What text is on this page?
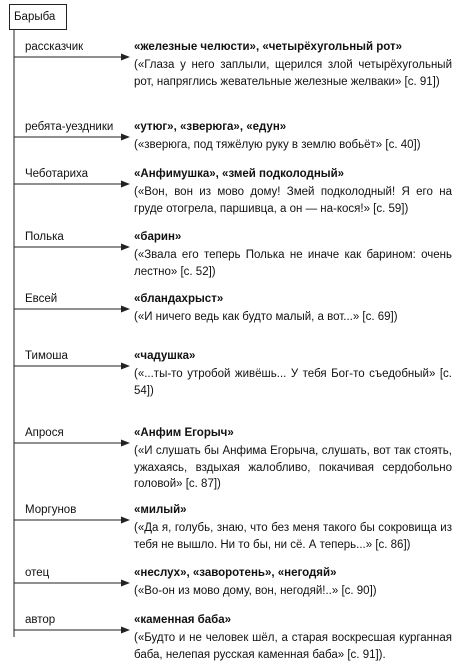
Барыба
рассказчик	«железные челюсти», «четырёхугольный рот»
(«Глаза у него заплыли, щерился злой четырёхугольный рот, напряглись жевательные железные желваки» [с. 91])
ребята-уездники «утюг», «зверюга», «едун»
(«зверюга, под тяжёлую руку в землю вобьёт» [с. 40])
Чеботариха	«Анфимушка», «змей подколодный»
(«Вон, вон из мово дому! Змей подколодный! Я его на груде отогрела, паршивца, а он — на-кося!» [с. 59])
Полька	«барин»
(«Звала его теперь Полька не иначе как барином: очень лестно» [с. 52])
Евсей	«бландахрыст»
(«И ничего ведь как будто малый, а вот...» [с. 69])
Тимоша	«чадушка»
(«...ты-то утробой живёшь... У тебя Бог-то съедобный» [с. 54])
Апрося	«Анфим Егорыч»
(«И слушать бы Анфима Егорыча, слушать, вот так стоять, ужахаясь, вздыхая жалобливо, покачивая сердобольно головой» [с. 87])
Моргунов	«милый»
(«Да я, голубь, знаю, что без меня такого бы сокровища из тебя не вышло. Ни то бы, ни сё. А теперь...» [с. 86])
отец	«неслух», «заворотень», «негодяй»
(«Во-он из мово дому, вон, негодяй!..» [с. 90])
автор	«каменная баба»
(«Будто и не человек шёл, а старая воскресшая курганная баба, нелепая русская каменная баба» [с. 91]).
